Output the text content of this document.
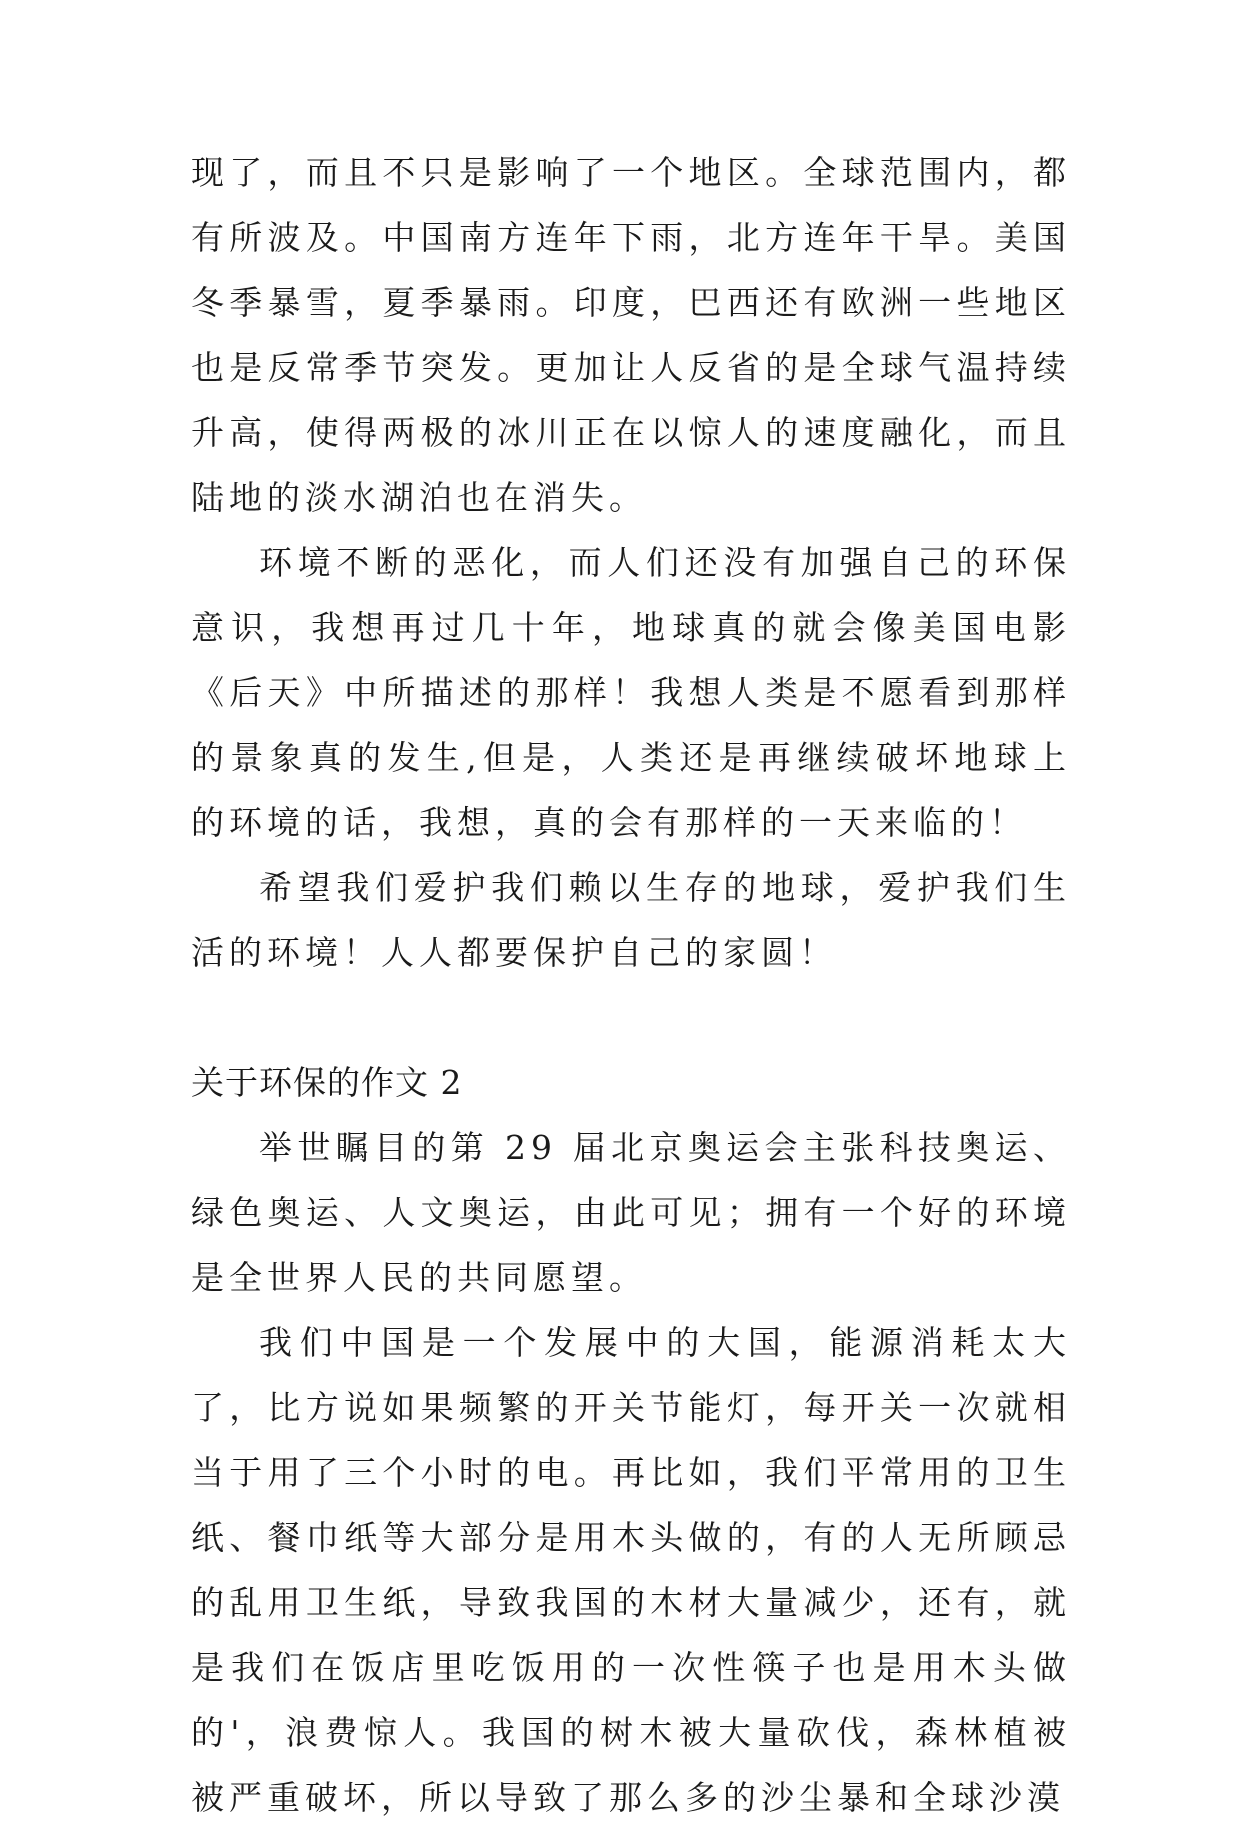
现了，而且不只是影响了一个地区。全球范围内，都有所波及。中国南方连年下雨，北方连年干旱。美国冬季暴雪，夏季暴雨。印度，巴西还有欧洲一些地区也是反常季节突发。更加让人反省的是全球气温持续升高，使得两极的冰川正在以惊人的速度融化，而且陆地的淡水湖泊也在消失。

环境不断的恶化，而人们还没有加强自己的环保意识，我想再过几十年，地球真的就会像美国电影《后天》中所描述的那样！我想人类是不愿看到那样的景象真的发生,但是，人类还是再继续破坏地球上的环境的话，我想，真的会有那样的一天来临的！

希望我们爱护我们赖以生存的地球，爱护我们生活的环境！人人都要保护自己的家圆！

关于环保的作文 2

举世瞩目的第 29 届北京奥运会主张科技奥运、绿色奥运、人文奥运，由此可见；拥有一个好的环境是全世界人民的共同愿望。

我们中国是一个发展中的大国，能源消耗太大了，比方说如果频繁的开关节能灯，每开关一次就相当于用了三个小时的电。再比如，我们平常用的卫生纸、餐巾纸等大部分是用木头做的，有的人无所顾忌的乱用卫生纸，导致我国的木材大量减少，还有，就是我们在饭店里吃饭用的一次性筷子也是用木头做的'，浪费惊人。我国的树木被大量砍伐，森林植被被严重破坏，所以导致了那么多的沙尘暴和全球沙漠
